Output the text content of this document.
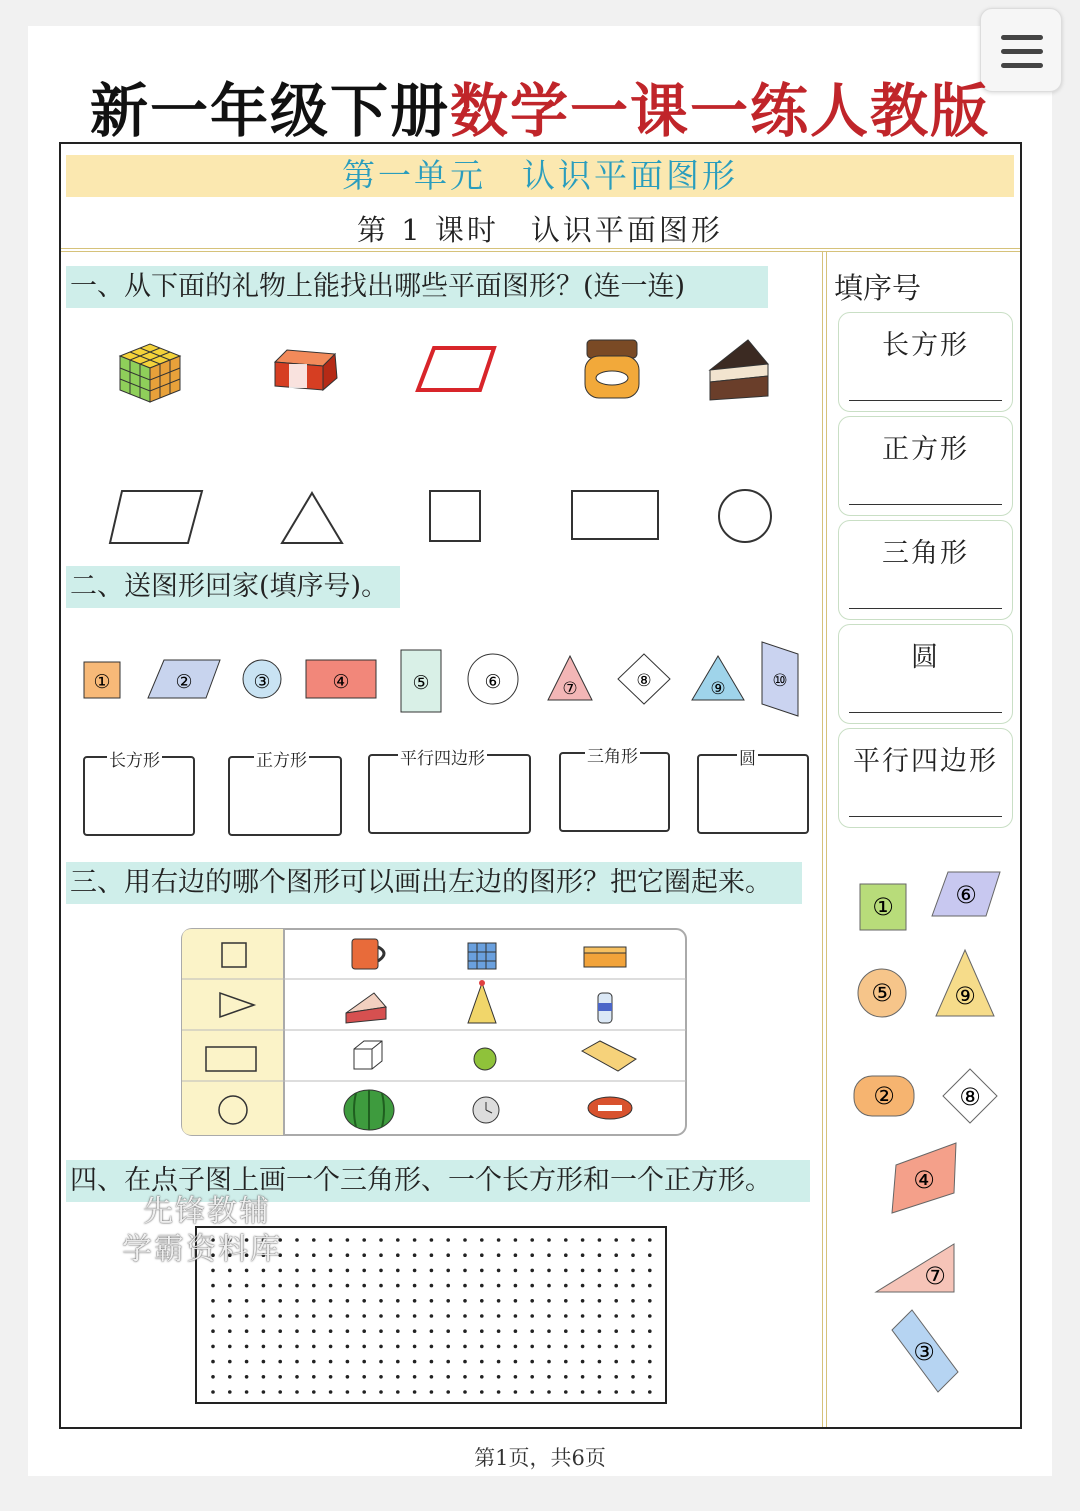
新一年级下册数学一课一练人教版
第一单元　认识平面图形
第 1 课时　认识平面图形
一、从下面的礼物上能找出哪些平面图形？(连一连)
二、送图形回家(填序号)。
①	②	③	④	⑤	⑥	⑦	⑧	⑨	⑩
长方形	正方形	平行四边形	三角形	圆
三、用右边的哪个图形可以画出左边的图形？把它圈起来。
四、在点子图上画一个三角形、一个长方形和一个正方形。
先锋教辅
学霸资料库
填序号
长方形
正方形
三角形
圆
平行四边形
①	⑥
⑤	⑨
②	⑧
④
⑦
③
第1页，共6页
